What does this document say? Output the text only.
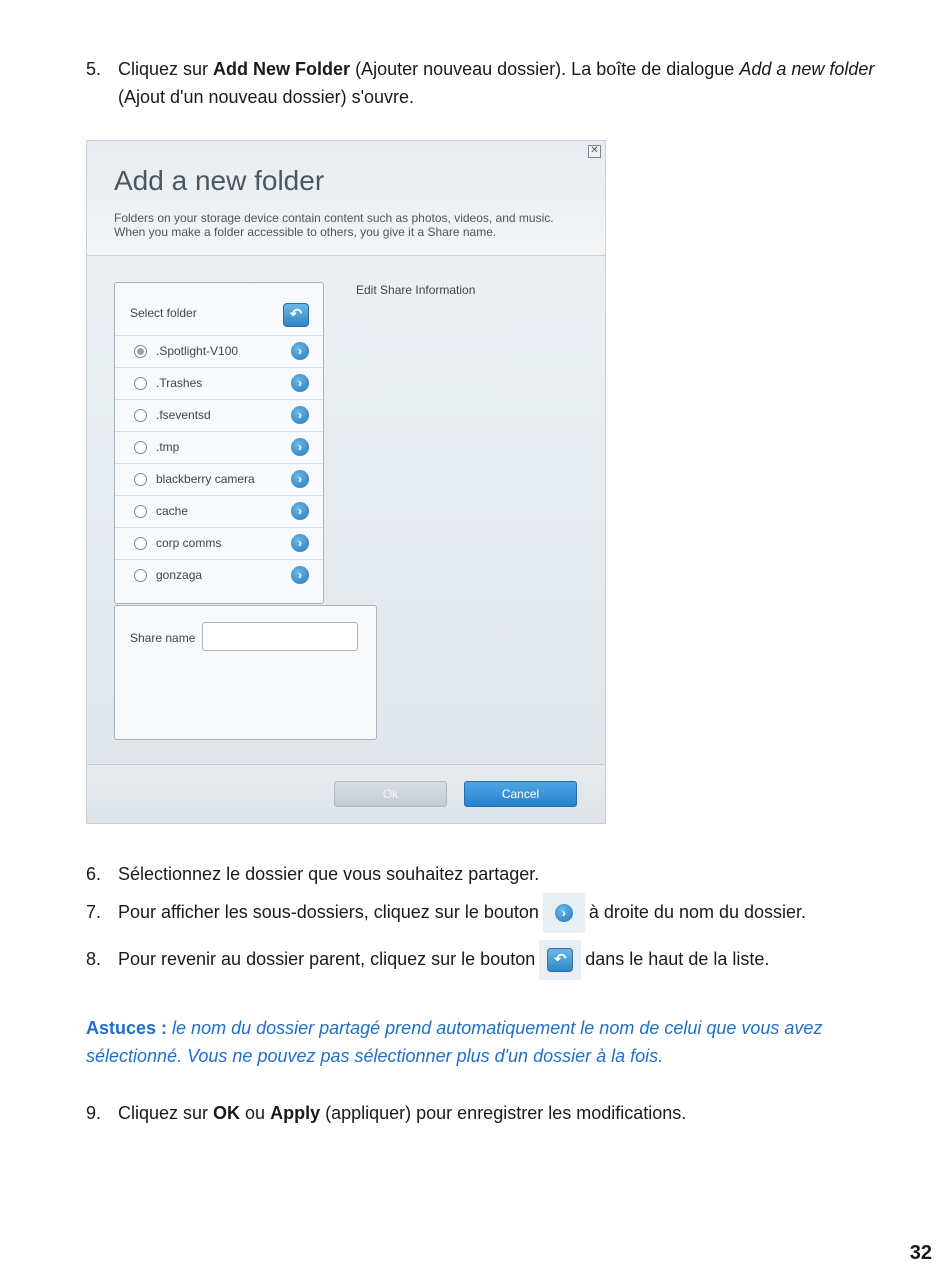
5. Cliquez sur Add New Folder (Ajouter nouveau dossier). La boîte de dialogue Add a new folder
(Ajout d'un nouveau dossier) s'ouvre.
✕
Add a new folder
Folders on your storage device contain content such as photos, videos, and music.
When you make a folder accessible to others, you give it a Share name.
Edit Share Information
Select folder	↶
.Spotlight-V100	›
.Trashes	›
.fseventsd	›
.tmp	›
blackberry camera	›
cache	›
corp comms	›
gonzaga	›
Share name
Ok	Cancel
6. Sélectionnez le dossier que vous souhaitez partager.
7. Pour afficher les sous-dossiers, cliquez sur le bouton	›	à droite du nom du dossier.
8. Pour revenir au dossier parent, cliquez sur le bouton	↶	dans le haut de la liste.
Astuces : le nom du dossier partagé prend automatiquement le nom de celui que vous avez
sélectionné. Vous ne pouvez pas sélectionner plus d'un dossier à la fois.
9. Cliquez sur OK ou Apply (appliquer) pour enregistrer les modifications.
32
